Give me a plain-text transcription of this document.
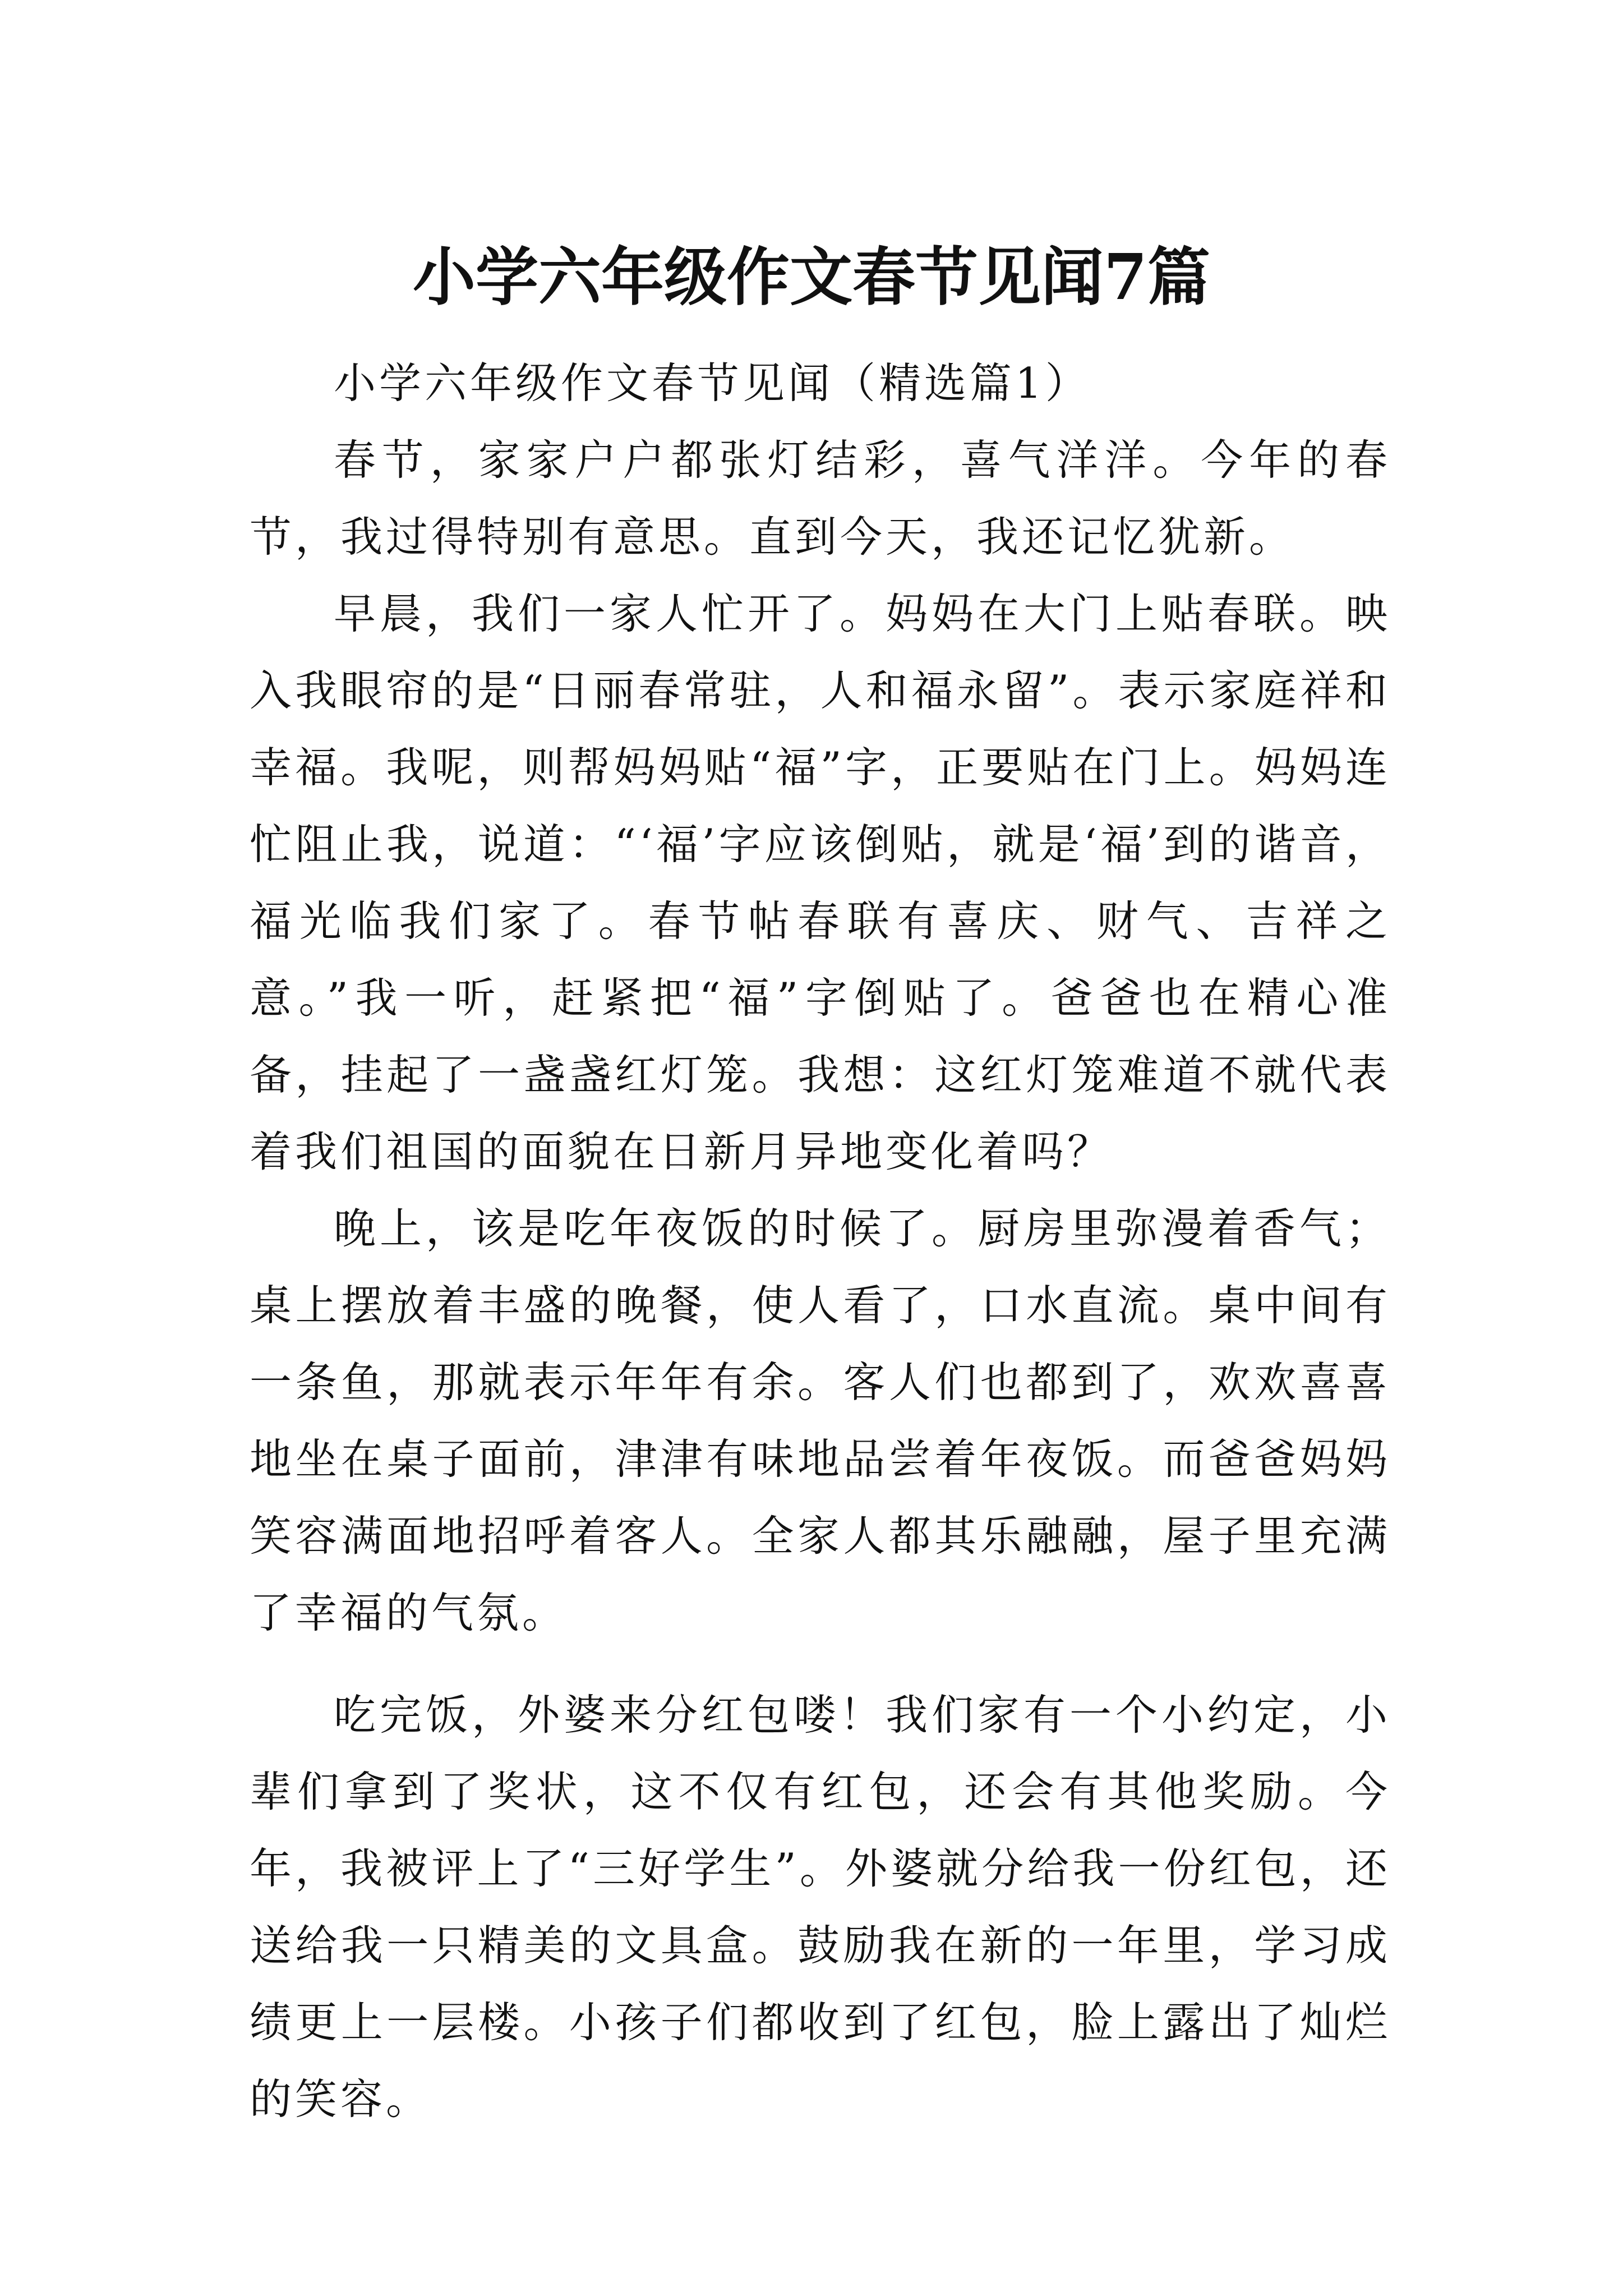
小学六年级作文春节见闻7篇

小学六年级作文春节见闻（精选篇1）

春节，家家户户都张灯结彩，喜气洋洋。今年的春节，我过得特别有意思。直到今天，我还记忆犹新。

早晨，我们一家人忙开了。妈妈在大门上贴春联。映入我眼帘的是“日丽春常驻，人和福永留”。表示家庭祥和幸福。我呢，则帮妈妈贴“福”字，正要贴在门上。妈妈连忙阻止我，说道：“‘福’字应该倒贴，就是‘福’到的谐音，福光临我们家了。春节帖春联有喜庆、财气、吉祥之意。”我一听，赶紧把“福”字倒贴了。爸爸也在精心准备，挂起了一盏盏红灯笼。我想：这红灯笼难道不就代表着我们祖国的面貌在日新月异地变化着吗？

晚上，该是吃年夜饭的时候了。厨房里弥漫着香气；桌上摆放着丰盛的晚餐，使人看了，口水直流。桌中间有一条鱼，那就表示年年有余。客人们也都到了，欢欢喜喜地坐在桌子面前，津津有味地品尝着年夜饭。而爸爸妈妈笑容满面地招呼着客人。全家人都其乐融融，屋子里充满了幸福的气氛。

吃完饭，外婆来分红包喽！我们家有一个小约定，小辈们拿到了奖状，这不仅有红包，还会有其他奖励。今年，我被评上了“三好学生”。外婆就分给我一份红包，还送给我一只精美的文具盒。鼓励我在新的一年里，学习成绩更上一层楼。小孩子们都收到了红包，脸上露出了灿烂的笑容。
